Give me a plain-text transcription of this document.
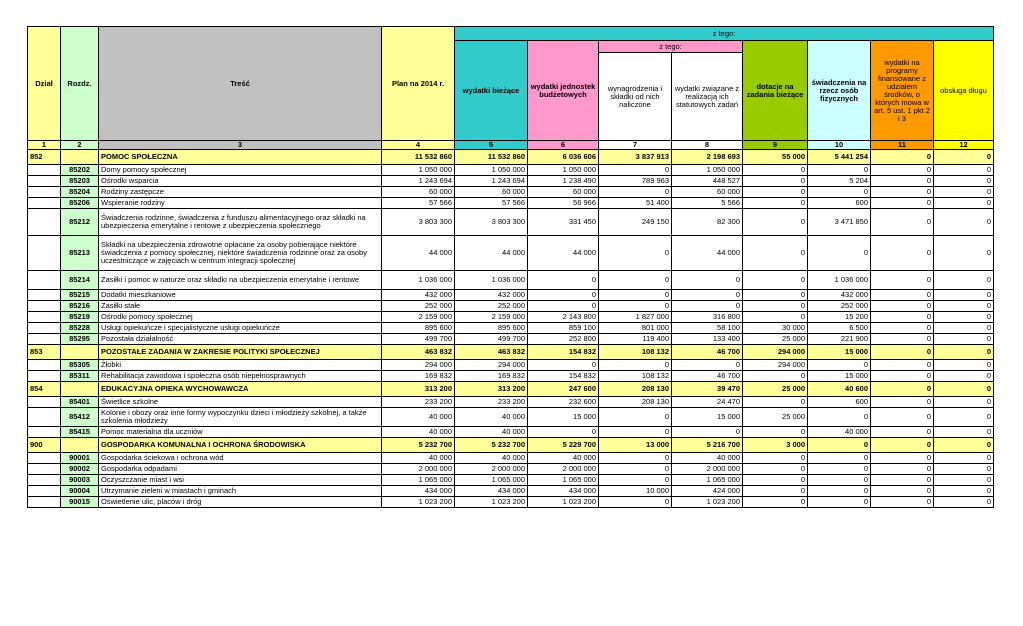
Dział	Rozdz.	Treść	Plan na 2014 r.	z tego:							
				wydatki bieżące	wydatki jednostek budżetowych	z tego:		dotacje na zadania bieżące	świadczenia na rzecz osób fizycznych	wydatki na programy finansowane z udziałem środków, o których mowa w art. 5 ust. 1 pkt 2 i 3	obsługa długu
						wynagrodzenia i składki od nich naliczone	wydatki związane z realizacją ich statutowych zadań				
1	2	3	4	5	6	7	8	9	10	11	12
852		POMOC SPOŁECZNA	11 532 860	11 532 860	6 036 606	3 837 913	2 198 693	55 000	5 441 254	0	0
	85202	Domy pomocy społecznej	1 050 000	1 050 000	1 050 000	0	1 050 000	0	0	0	0
	85203	Ośrodki wsparcia	1 243 694	1 243 694	1 238 490	789 963	448 527	0	5 204	0	0
	85204	Rodziny zastępcze	60 000	60 000	60 000	0	60 000	0	0	0	0
	85206	Wspieranie rodziny	57 566	57 566	56 966	51 400	5 566	0	600	0	0
	85212	Świadczenia rodzinne, świadczenia z funduszu alimentacyjnego oraz składki na ubezpieczenia emerytalne i rentowe z ubezpieczenia społecznego	3 803 300	3 803 300	331 450	249 150	82 300	0	3 471 850	0	0
	85213	Składki na ubezpieczenia zdrowotne opłacane za osoby pobierające niektóre świadczenia z pomocy społecznej, niektóre świadczenia rodzinne oraz za osoby uczestniczące w zajęciach w centrum integracji społecznej	44 000	44 000	44 000	0	44 000	0	0	0	0
	85214	Zasiłki i pomoc w naturze oraz składki na ubezpieczenia emerytalne i rentowe	1 036 000	1 036 000	0	0	0	0	1 036 000	0	0
	85215	Dodatki mieszkaniowe	432 000	432 000	0	0	0	0	432 000	0	0
	85216	Zasiłki stałe	252 000	252 000	0	0	0	0	252 000	0	0
	85219	Ośrodki pomocy społecznej	2 159 000	2 159 000	2 143 800	1 827 000	316 800	0	15 200	0	0
	85228	Usługi opiekuńcze i specjalistyczne usługi opiekuńcze	895 600	895 600	859 100	801 000	58 100	30 000	6 500	0	0
	85295	Pozostała działalność	499 700	499 700	252 800	119 400	133 400	25 000	221 900	0	0
853		POZOSTAŁE ZADANIA W ZAKRESIE POLITYKI SPOŁECZNEJ	463 832	463 832	154 832	108 132	46 700	294 000	15 000	0	0
	85305	Żłobki	294 000	294 000	0	0	0	294 000	0	0	0
	85311	Rehabilitacja zawodowa i społeczna osób niepełnosprawnych	169 832	169 832	154 832	108 132	46 700	0	15 000	0	0
854		EDUKACYJNA OPIEKA WYCHOWAWCZA	313 200	313 200	247 600	208 130	39 470	25 000	40 600	0	0
	85401	Świetlice szkolne	233 200	233 200	232 600	208 130	24 470	0	600	0	0
	85412	Kolonie i obozy oraz inne formy wypoczynku dzieci i młodzieży szkolnej, a także szkolenia młodzieży	40 000	40 000	15 000	0	15 000	25 000	0	0	0
	85415	Pomoc materialna dla uczniów	40 000	40 000	0	0	0	0	40 000	0	0
900		GOSPODARKA KOMUNALNA I OCHRONA ŚRODOWISKA	5 232 700	5 232 700	5 229 700	13 000	5 216 700	3 000	0	0	0
	90001	Gospodarka ściekowa i ochrona wód	40 000	40 000	40 000	0	40 000	0	0	0	0
	90002	Gospodarka odpadami	2 000 000	2 000 000	2 000 000	0	2 000 000	0	0	0	0
	90003	Oczyszczanie miast i wsi	1 065 000	1 065 000	1 065 000	0	1 065 000	0	0	0	0
	90004	Utrzymanie zieleni w miastach i gminach	434 000	434 000	434 000	10 000	424 000	0	0	0	0
	90015	Oświetlenie ulic, placów i dróg	1 023 200	1 023 200	1 023 200	0	1 023 200	0	0	0	0
